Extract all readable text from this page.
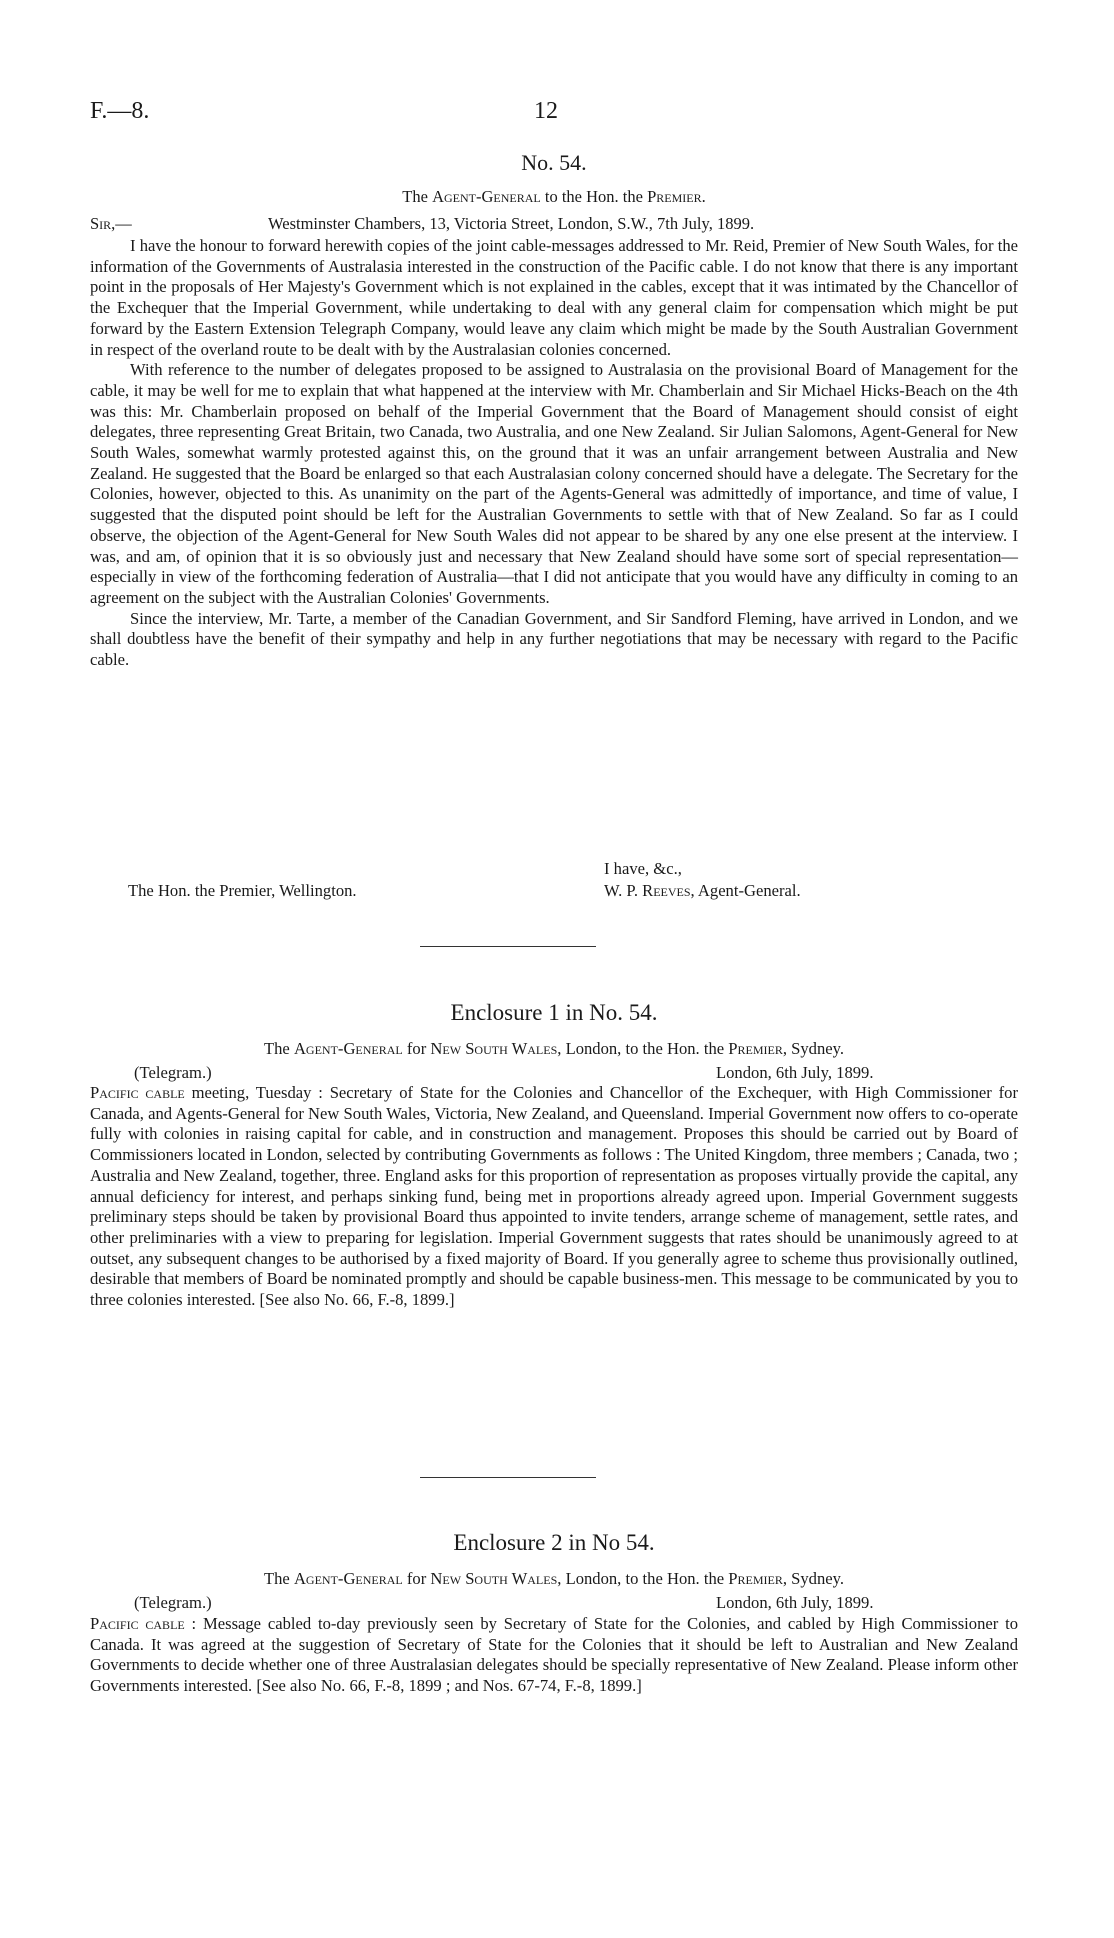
F.—8.	12

No. 54.

The Agent-General to the Hon. the Premier.

Sir,—	Westminster Chambers, 13, Victoria Street, London, S.W., 7th July, 1899.

I have the honour to forward herewith copies of the joint cable-messages addressed to Mr. Reid, Premier of New South Wales, for the information of the Governments of Australasia interested in the construction of the Pacific cable. I do not know that there is any important point in the proposals of Her Majesty's Government which is not explained in the cables, except that it was intimated by the Chancellor of the Exchequer that the Imperial Government, while undertaking to deal with any general claim for compensation which might be put forward by the Eastern Extension Telegraph Company, would leave any claim which might be made by the South Australian Government in respect of the overland route to be dealt with by the Australasian colonies concerned.

With reference to the number of delegates proposed to be assigned to Australasia on the provisional Board of Management for the cable, it may be well for me to explain that what happened at the interview with Mr. Chamberlain and Sir Michael Hicks-Beach on the 4th was this: Mr. Chamberlain proposed on behalf of the Imperial Government that the Board of Management should consist of eight delegates, three representing Great Britain, two Canada, two Australia, and one New Zealand. Sir Julian Salomons, Agent-General for New South Wales, somewhat warmly protested against this, on the ground that it was an unfair arrangement between Australia and New Zealand. He suggested that the Board be enlarged so that each Australasian colony concerned should have a delegate. The Secretary for the Colonies, however, objected to this. As unanimity on the part of the Agents-General was admittedly of importance, and time of value, I suggested that the disputed point should be left for the Australian Governments to settle with that of New Zealand. So far as I could observe, the objection of the Agent-General for New South Wales did not appear to be shared by any one else present at the interview. I was, and am, of opinion that it is so obviously just and necessary that New Zealand should have some sort of special representation—especially in view of the forthcoming federation of Australia—that I did not anticipate that you would have any difficulty in coming to an agreement on the subject with the Australian Colonies' Governments.

Since the interview, Mr. Tarte, a member of the Canadian Government, and Sir Sandford Fleming, have arrived in London, and we shall doubtless have the benefit of their sympathy and help in any further negotiations that may be necessary with regard to the Pacific cable.

I have, &c.,
The Hon. the Premier, Wellington.	W. P. Reeves, Agent-General.

Enclosure 1 in No. 54.

The Agent-General for New South Wales, London, to the Hon. the Premier, Sydney.

(Telegram.)	London, 6th July, 1899.

Pacific cable meeting, Tuesday : Secretary of State for the Colonies and Chancellor of the Exchequer, with High Commissioner for Canada, and Agents-General for New South Wales, Victoria, New Zealand, and Queensland. Imperial Government now offers to co-operate fully with colonies in raising capital for cable, and in construction and management. Proposes this should be carried out by Board of Commissioners located in London, selected by contributing Governments as follows : The United Kingdom, three members ; Canada, two ; Australia and New Zealand, together, three. England asks for this proportion of representation as proposes virtually provide the capital, any annual deficiency for interest, and perhaps sinking fund, being met in proportions already agreed upon. Imperial Government suggests preliminary steps should be taken by provisional Board thus appointed to invite tenders, arrange scheme of management, settle rates, and other preliminaries with a view to preparing for legislation. Imperial Government suggests that rates should be unanimously agreed to at outset, any subsequent changes to be authorised by a fixed majority of Board. If you generally agree to scheme thus provisionally outlined, desirable that members of Board be nominated promptly and should be capable business-men. This message to be communicated by you to three colonies interested. [See also No. 66, F.-8, 1899.]

Enclosure 2 in No 54.

The Agent-General for New South Wales, London, to the Hon. the Premier, Sydney.

(Telegram.)	London, 6th July, 1899.

Pacific cable : Message cabled to-day previously seen by Secretary of State for the Colonies, and cabled by High Commissioner to Canada. It was agreed at the suggestion of Secretary of State for the Colonies that it should be left to Australian and New Zealand Governments to decide whether one of three Australasian delegates should be specially representative of New Zealand. Please inform other Governments interested. [See also No. 66, F.-8, 1899 ; and Nos. 67-74, F.-8, 1899.]
